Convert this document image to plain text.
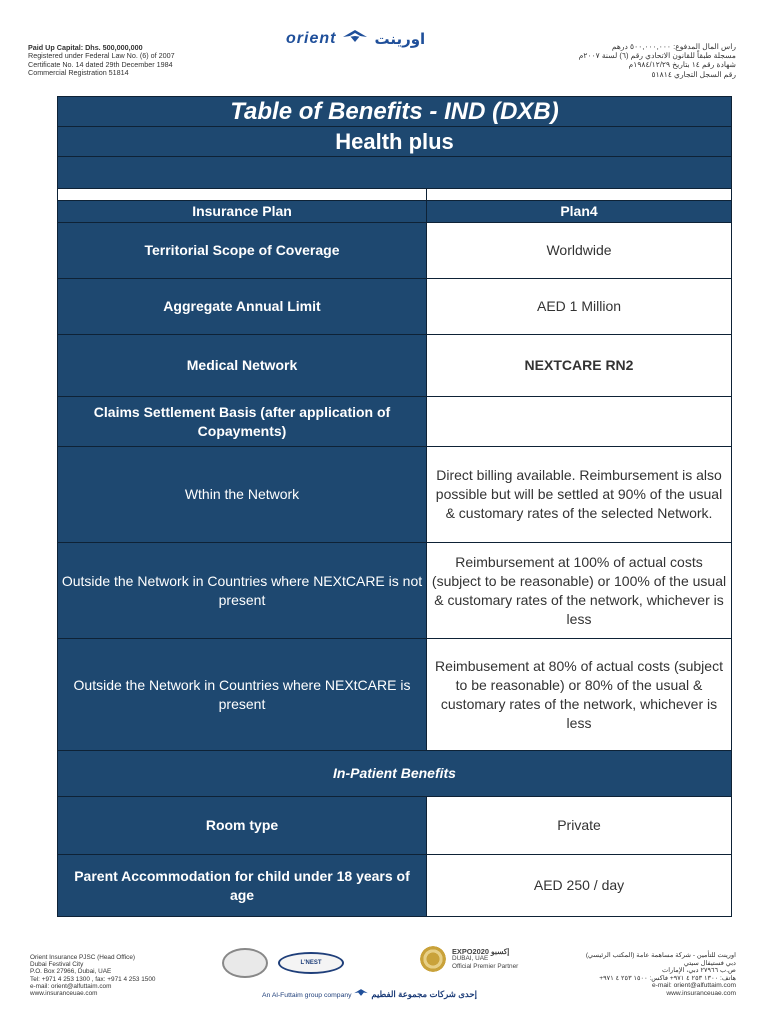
Paid Up Capital: Dhs. 500,000,000
Registered under Federal Law No. (6) of 2007
Certificate No. 14 dated 29th December 1984
Commercial Registration 51814
orient	اورينت	راس المال المدفوع: ٥٠٠,٠٠٠,٠٠٠ درهم
مسجلة طبقاً للقانون الاتحادي رقم (٦) لسنة ٢٠٠٧م
شهادة رقم ١٤ بتاريخ ١٩٨٤/١٢/٢٩م
رقم السجل التجاري ٥١٨١٤
Table of Benefits - IND (DXB)	
Health plus	

Insurance Plan	Plan4
Territorial Scope of Coverage	Worldwide
Aggregate Annual Limit	AED 1 Million
Medical Network	NEXTCARE RN2
Claims Settlement Basis (after application of Copayments)	
Wthin the Network	Direct billing available. Reimbursement is also possible but will be settled at 90% of the usual & customary rates of the selected Network.
Outside the Network in Countries where NEXtCARE is not present	Reimbursement at 100% of actual costs (subject to be reasonable) or 100% of the usual & customary rates of the network, whichever is less
Outside the Network in Countries where NEXtCARE is present	Reimbusement at 80% of actual costs (subject to be reasonable) or 80% of the usual & customary rates of the network, whichever is less
In-Patient Benefits	
Room type	Private
Parent Accommodation for child under 18 years of age	AED 250 / day
Orient Insurance PJSC (Head Office)
Dubai Festival City
P.O. Box 27966, Dubai, UAE
Tel: +971 4 253 1300 , fax: +971 4 253 1500
e-mail: orient@alfuttaim.com
www.insuranceuae.com
L'NEST
EXPO2020 إكسبو
DUBAI, UAE
Official Premier Partner
اورينت للتأمين - شركة مساهمة عامة (المكتب الرئيسي)
دبي فستيفال سيتي
ص.ب ٢٧٩٦٦ دبي، الإمارات
هاتف: ١٣٠٠ ٢٥٣ ٤ ٩٧١+ فاكس: ١٥٠٠ ٢٥٣ ٤ ٩٧١+
e-mail: orient@alfuttaim.com
www.insuranceuae.com
An Al-Futtaim group company إحدى شركات مجموعة الفطيم
